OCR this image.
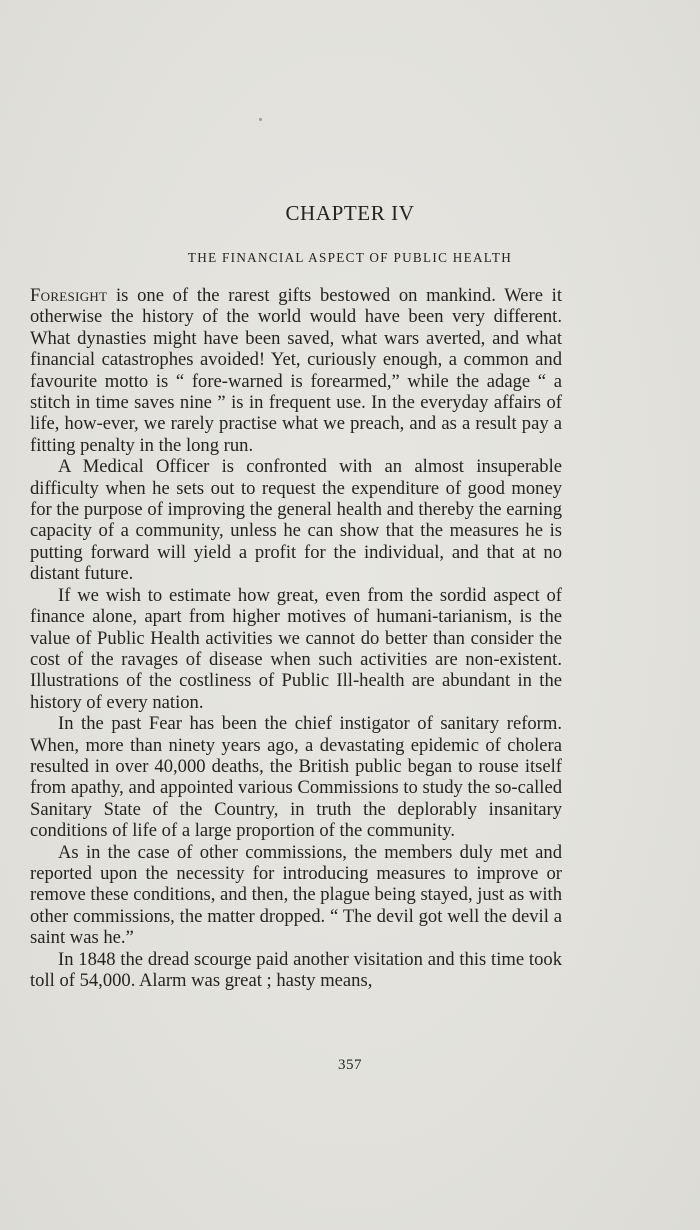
CHAPTER IV
THE FINANCIAL ASPECT OF PUBLIC HEALTH

Foresight is one of the rarest gifts bestowed on mankind. Were it otherwise the history of the world would have been very different. What dynasties might have been saved, what wars averted, and what financial catastrophes avoided! Yet, curiously enough, a common and favourite motto is “ fore-warned is forearmed,” while the adage “ a stitch in time saves nine ” is in frequent use. In the everyday affairs of life, how-ever, we rarely practise what we preach, and as a result pay a fitting penalty in the long run.

A Medical Officer is confronted with an almost insuperable difficulty when he sets out to request the expenditure of good money for the purpose of improving the general health and thereby the earning capacity of a community, unless he can show that the measures he is putting forward will yield a profit for the individual, and that at no distant future.

If we wish to estimate how great, even from the sordid aspect of finance alone, apart from higher motives of humani-tarianism, is the value of Public Health activities we cannot do better than consider the cost of the ravages of disease when such activities are non-existent. Illustrations of the costliness of Public Ill-health are abundant in the history of every nation.

In the past Fear has been the chief instigator of sanitary reform. When, more than ninety years ago, a devastating epidemic of cholera resulted in over 40,000 deaths, the British public began to rouse itself from apathy, and appointed various Commissions to study the so-called Sanitary State of the Country, in truth the deplorably insanitary conditions of life of a large proportion of the community.

As in the case of other commissions, the members duly met and reported upon the necessity for introducing measures to improve or remove these conditions, and then, the plague being stayed, just as with other commissions, the matter dropped. “ The devil got well the devil a saint was he.”

In 1848 the dread scourge paid another visitation and this time took toll of 54,000. Alarm was great ; hasty means,

357
